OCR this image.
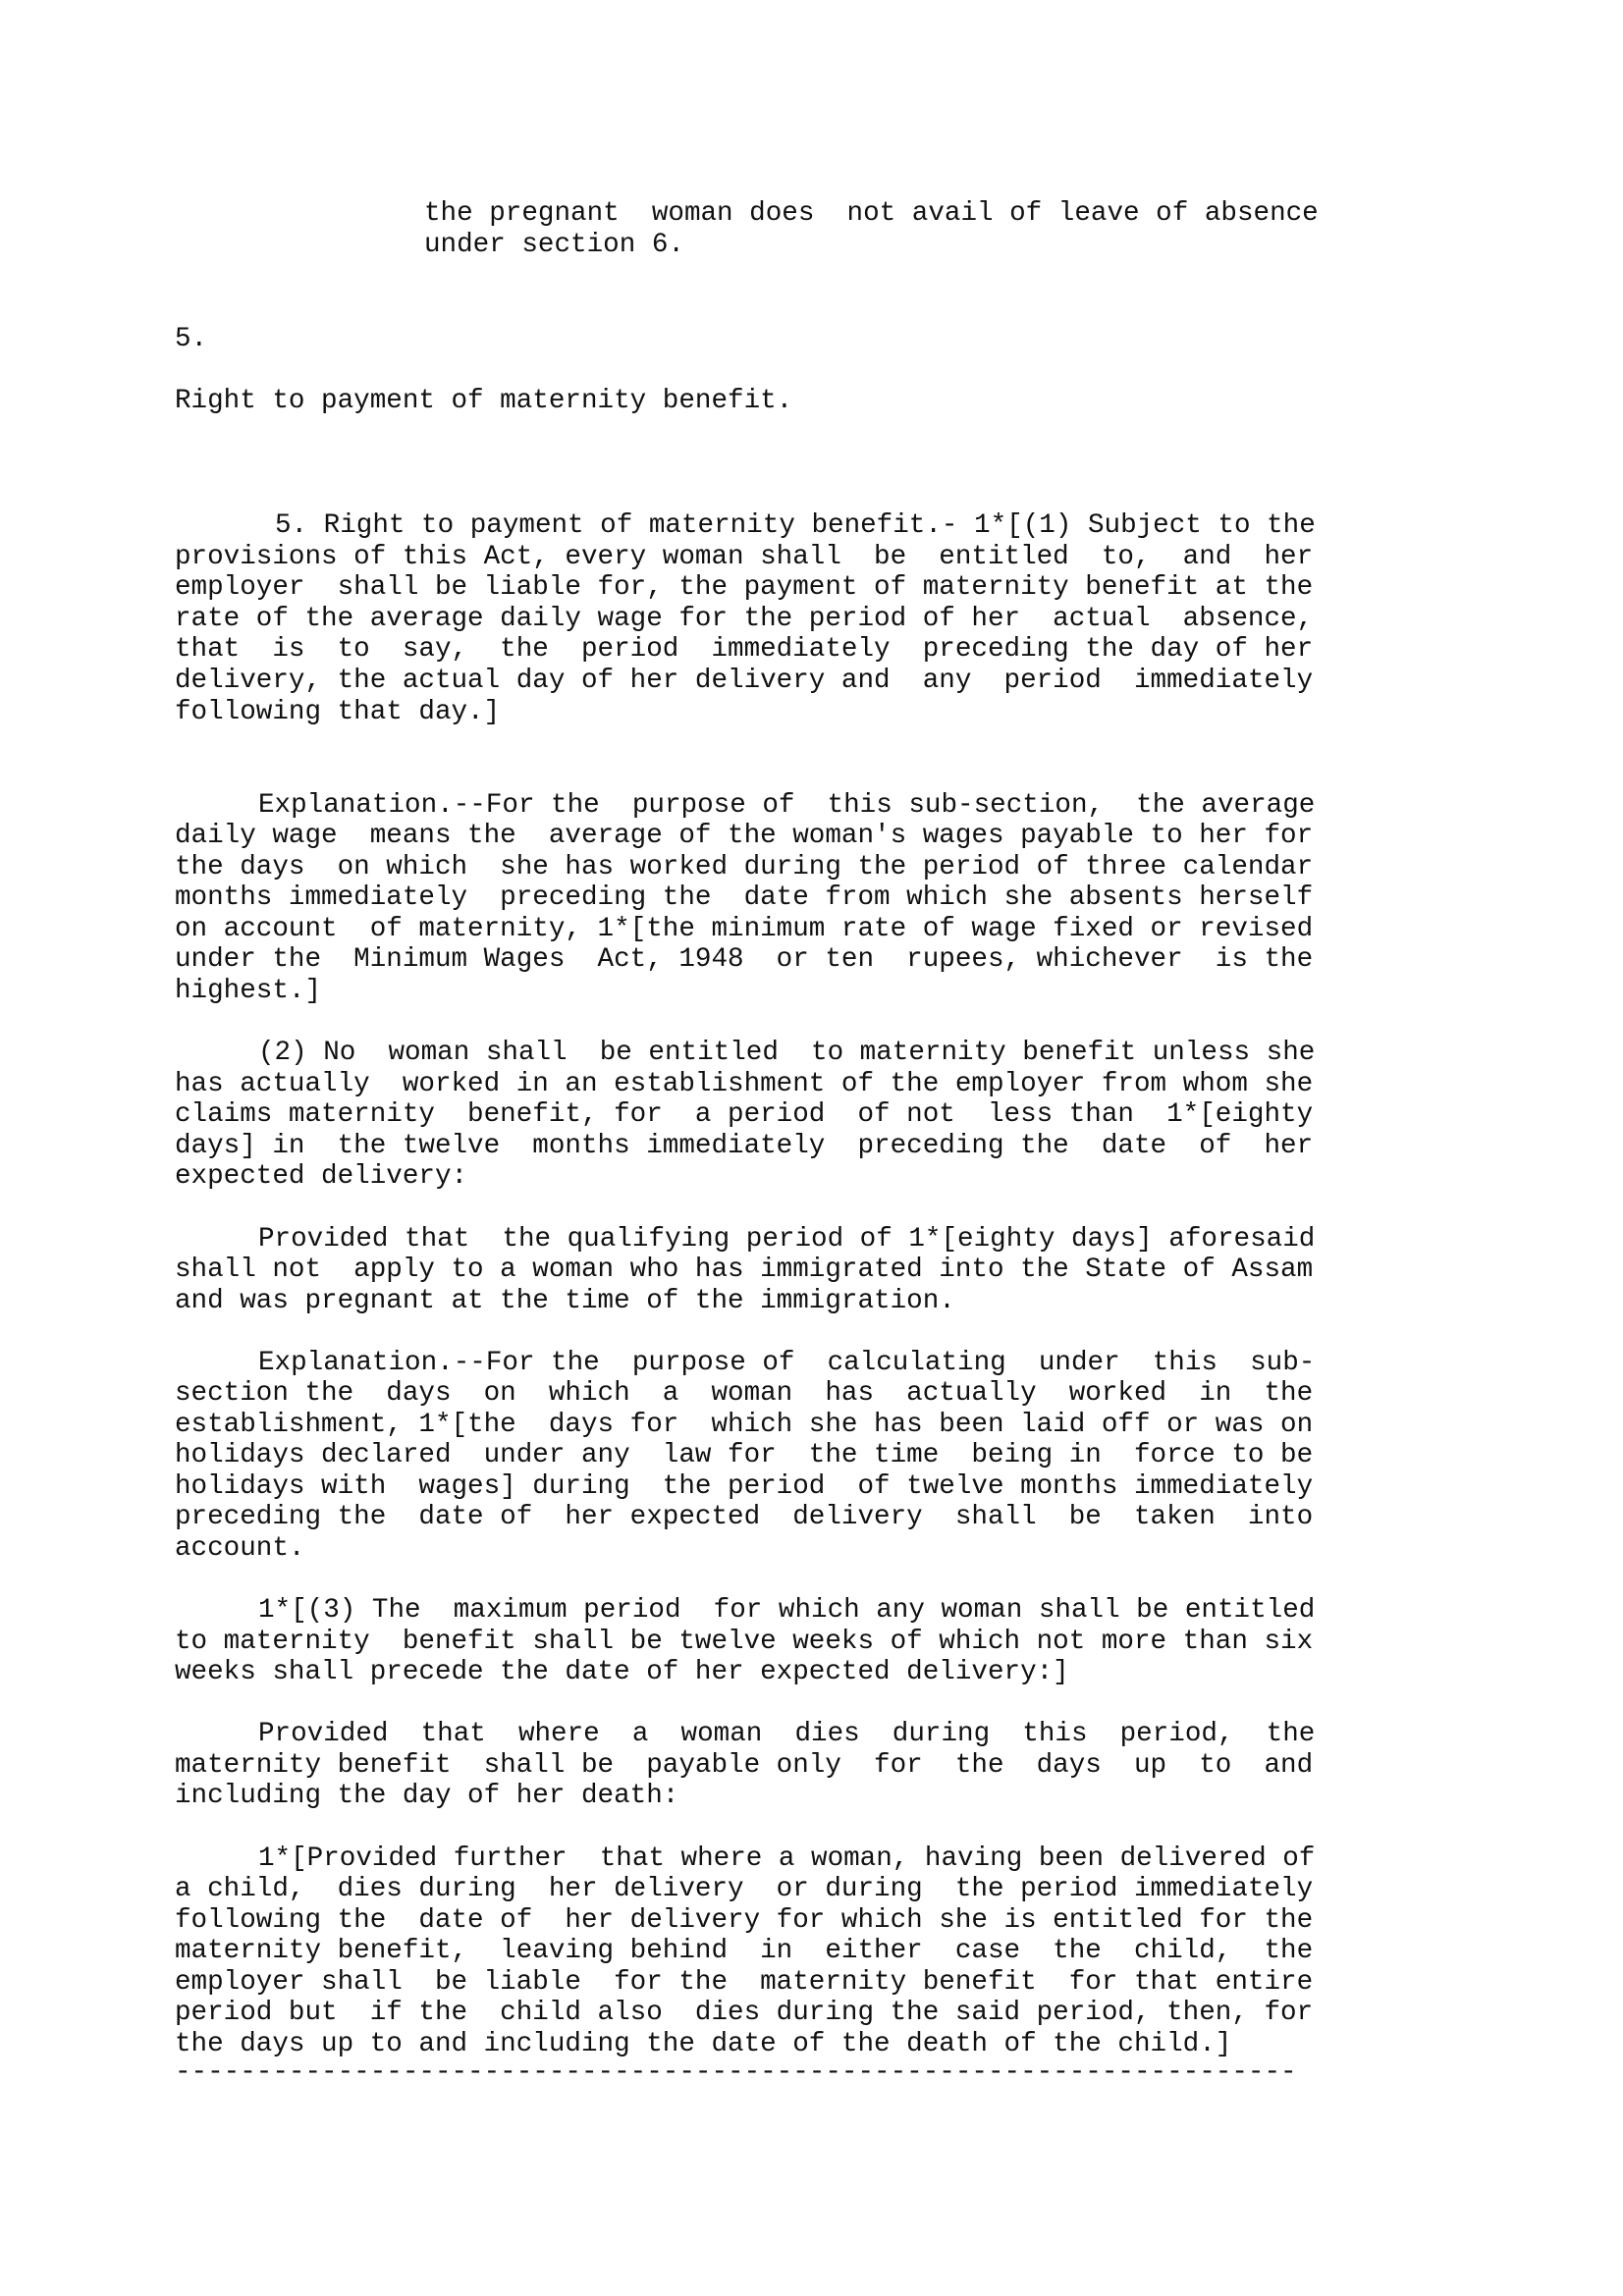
the pregnant  woman does  not avail of leave of absence
under section 6.
5.
Right to payment of maternity benefit.
5. Right to payment of maternity benefit.- 1*[(1) Subject to the
provisions of this Act, every woman shall  be  entitled  to,  and  her
employer  shall be liable for, the payment of maternity benefit at the
rate of the average daily wage for the period of her  actual  absence,
that  is  to  say,  the  period  immediately  preceding the day of her
delivery, the actual day of her delivery and  any  period  immediately
following that day.]
Explanation.--For the  purpose of  this sub-section,  the average
daily wage  means the  average of the woman's wages payable to her for
the days  on which  she has worked during the period of three calendar
months immediately  preceding the  date from which she absents herself
on account  of maternity, 1*[the minimum rate of wage fixed or revised
under the  Minimum Wages  Act, 1948  or ten  rupees, whichever  is the
highest.]
(2) No  woman shall  be entitled  to maternity benefit unless she
has actually  worked in an establishment of the employer from whom she
claims maternity  benefit, for  a period  of not  less than  1*[eighty
days] in  the twelve  months immediately  preceding the  date  of  her
expected delivery:
Provided that  the qualifying period of 1*[eighty days] aforesaid
shall not  apply to a woman who has immigrated into the State of Assam
and was pregnant at the time of the immigration.
Explanation.--For the  purpose of  calculating  under  this  sub-
section the  days  on  which  a  woman  has  actually  worked  in  the
establishment, 1*[the  days for  which she has been laid off or was on
holidays declared  under any  law for  the time  being in  force to be
holidays with  wages] during  the period  of twelve months immediately
preceding the  date of  her expected  delivery  shall  be  taken  into
account.
1*[(3) The  maximum period  for which any woman shall be entitled
to maternity  benefit shall be twelve weeks of which not more than six
weeks shall precede the date of her expected delivery:]
Provided  that  where  a  woman  dies  during  this  period,  the
maternity benefit  shall be  payable only  for  the  days  up  to  and
including the day of her death:
1*[Provided further  that where a woman, having been delivered of
a child,  dies during  her delivery  or during  the period immediately
following the  date of  her delivery for which she is entitled for the
maternity benefit,  leaving behind  in  either  case  the  child,  the
employer shall  be liable  for the  maternity benefit  for that entire
period but  if the  child also  dies during the said period, then, for
the days up to and including the date of the death of the child.]
---------------------------------------------------------------------
